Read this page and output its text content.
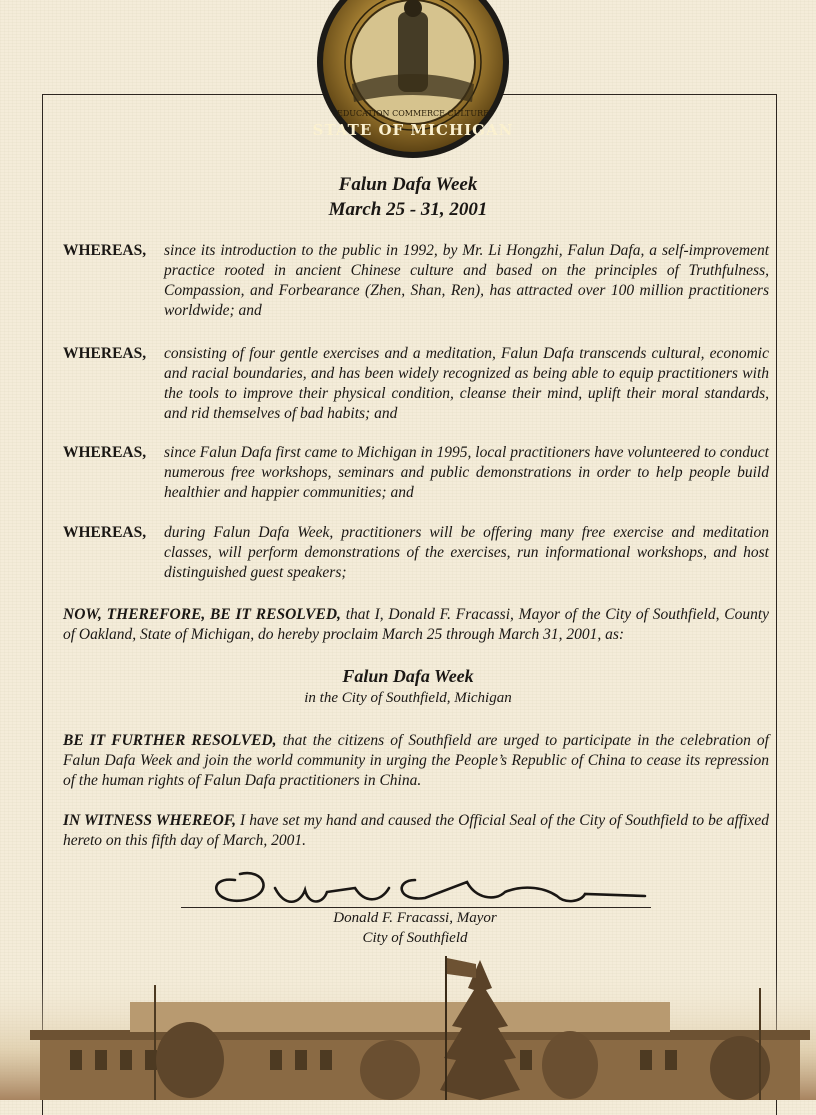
STATE OF MICHIGAN
EDUCATION COMMERCE CULTURE
Falun Dafa Week
March 25 - 31, 2001
WHEREAS,	since its introduction to the public in 1992, by Mr. Li Hongzhi, Falun Dafa, a self-improvement practice rooted in ancient Chinese culture and based on the principles of Truthfulness, Compassion, and Forbearance (Zhen, Shan, Ren), has attracted over 100 million practitioners worldwide; and
WHEREAS,	consisting of four gentle exercises and a meditation, Falun Dafa transcends cultural, economic and racial boundaries, and has been widely recognized as being able to equip practitioners with the tools to improve their physical condition, cleanse their mind, uplift their moral standards, and rid themselves of bad habits; and
WHEREAS,	since Falun Dafa first came to Michigan in 1995, local practitioners have volunteered to conduct numerous free workshops, seminars and public demonstrations in order to help people build healthier and happier communities; and
WHEREAS,	during Falun Dafa Week, practitioners will be offering many free exercise and meditation classes, will perform demonstrations of the exercises, run informational workshops, and host distinguished guest speakers;
NOW, THEREFORE, BE IT RESOLVED, that I, Donald F. Fracassi, Mayor of the City of Southfield, County of Oakland, State of Michigan, do hereby proclaim March 25 through March 31, 2001, as:
Falun Dafa Week
in the City of Southfield, Michigan
BE IT FURTHER RESOLVED, that the citizens of Southfield are urged to participate in the celebration of Falun Dafa Week and join the world community in urging the People’s Republic of China to cease its repression of the human rights of Falun Dafa practitioners in China.
IN WITNESS WHEREOF, I have set my hand and caused the Official Seal of the City of Southfield to be affixed hereto on this fifth day of March, 2001.
Donald F. Fracassi, Mayor
City of Southfield
